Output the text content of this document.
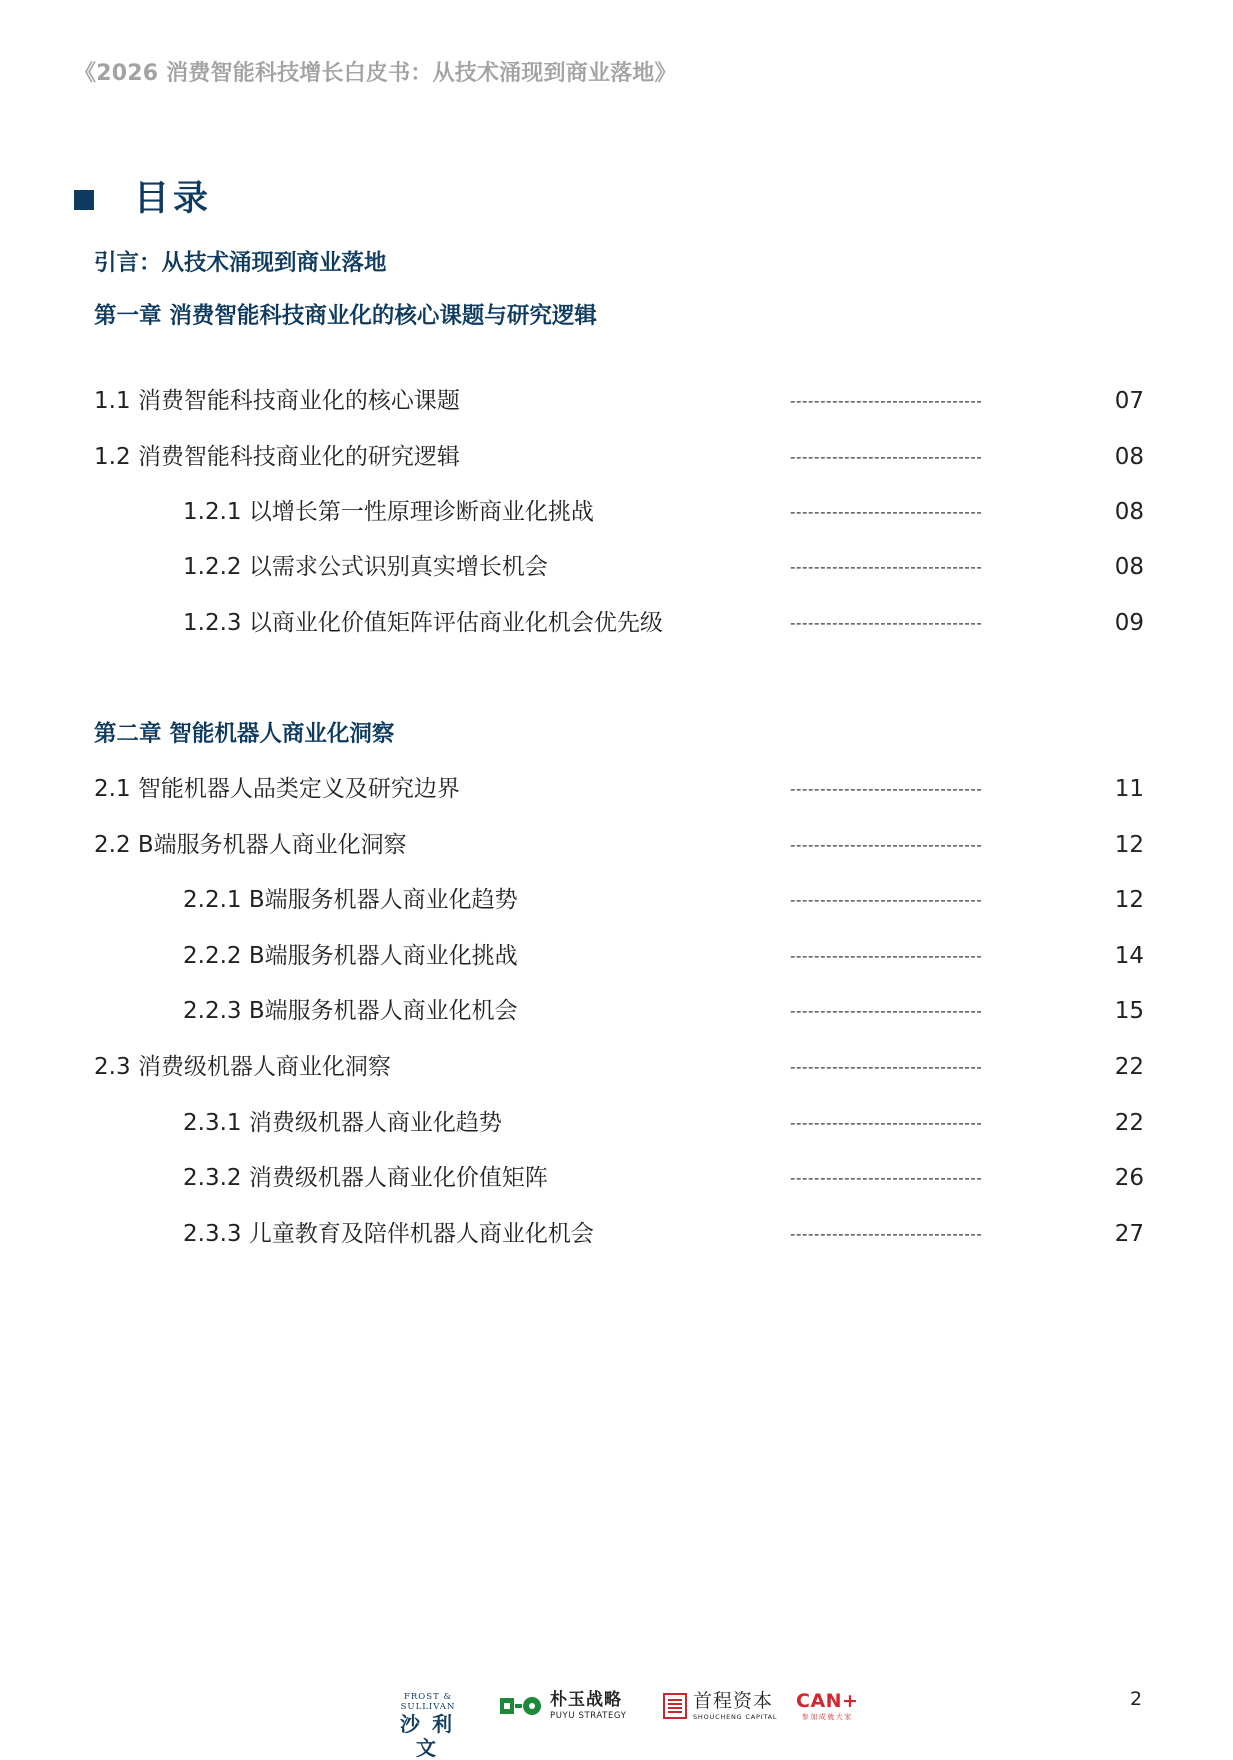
《2026 消费智能科技增长白皮书：从技术涌现到商业落地》
目录
引言：从技术涌现到商业落地
第一章 消费智能科技商业化的核心课题与研究逻辑
1.1 消费智能科技商业化的核心课题	--------------------------------	07
1.2 消费智能科技商业化的研究逻辑	--------------------------------	08
1.2.1 以增长第一性原理诊断商业化挑战	--------------------------------	08
1.2.2 以需求公式识别真实增长机会	--------------------------------	08
1.2.3 以商业化价值矩阵评估商业化机会优先级	--------------------------------	09
第二章 智能机器人商业化洞察
2.1 智能机器人品类定义及研究边界	--------------------------------	11
2.2 B端服务机器人商业化洞察	--------------------------------	12
2.2.1 B端服务机器人商业化趋势	--------------------------------	12
2.2.2 B端服务机器人商业化挑战	--------------------------------	14
2.2.3 B端服务机器人商业化机会	--------------------------------	15
2.3 消费级机器人商业化洞察	--------------------------------	22
2.3.1 消费级机器人商业化趋势	--------------------------------	22
2.3.2 消费级机器人商业化价值矩阵	--------------------------------	26
2.3.3 儿童教育及陪伴机器人商业化机会	--------------------------------	27
FROST & SULLIVAN
沙利文
朴玉战略
PUYU STRATEGY
首程资本
SHOUCHENG CAPITAL
CAN+
参加成就大家
2
